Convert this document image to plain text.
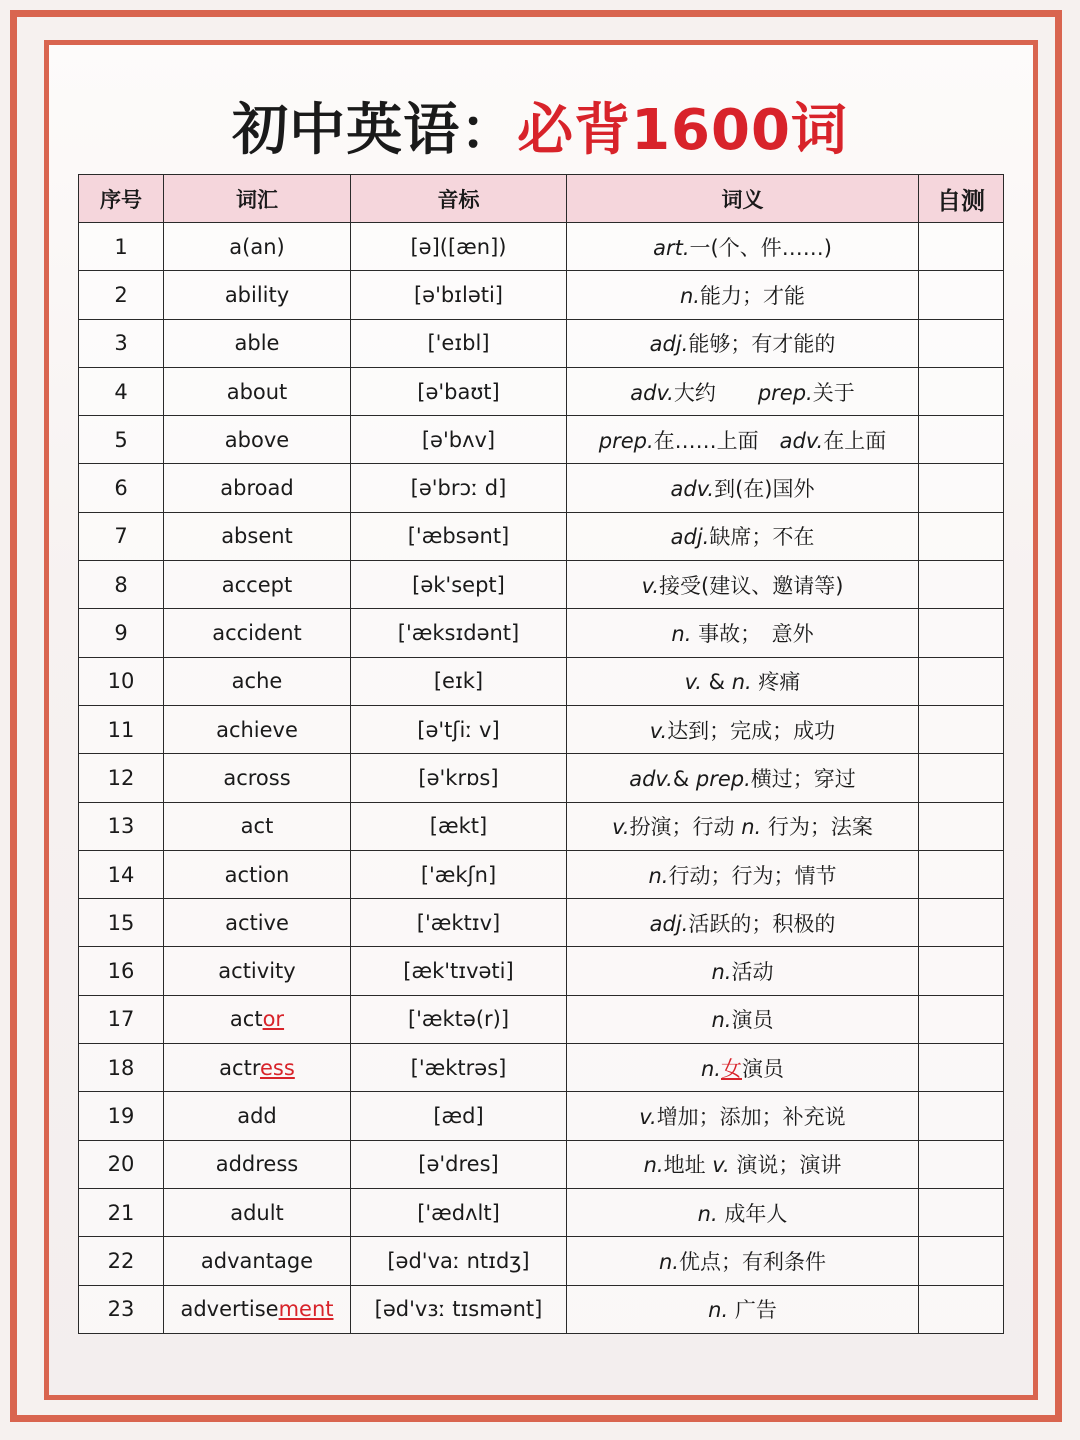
初中英语：必背1600词
序号	词汇	音标	词义	自测
1	a(an)	[ə]([æn])	art.一(个、件……)	
2	ability	[ə'bɪləti]	n.能力；才能	
3	able	['eɪbl]	adj.能够；有才能的	
4	about	[ə'baʊt]	adv.大约　　prep.关于	
5	above	[ə'bʌv]	prep.在……上面　adv.在上面	
6	abroad	[ə'brɔː d]	adv.到(在)国外	
7	absent	['æbsənt]	adj.缺席；不在	
8	accept	[ək'sept]	v.接受(建议、邀请等)	
9	accident	['æksɪdənt]	n. 事故；　意外	
10	ache	[eɪk]	v. & n. 疼痛	
11	achieve	[ə'tʃiː v]	v.达到；完成；成功	
12	across	[ə'krɒs]	adv.& prep.横过；穿过	
13	act	[ækt]	v.扮演；行动 n. 行为；法案	
14	action	['ækʃn]	n.行动；行为；情节	
15	active	['æktɪv]	adj.活跃的；积极的	
16	activity	[æk'tɪvəti]	n.活动	
17	actor	['æktə(r)]	n.演员	
18	actress	['æktrəs]	n.女演员	
19	add	[æd]	v.增加；添加；补充说	
20	address	[ə'dres]	n.地址 v. 演说；演讲	
21	adult	['ædʌlt]	n. 成年人	
22	advantage	[əd'vaː ntɪdʒ]	n.优点；有利条件	
23	advertisement	[əd'vɜː tɪsmənt]	n. 广告	
